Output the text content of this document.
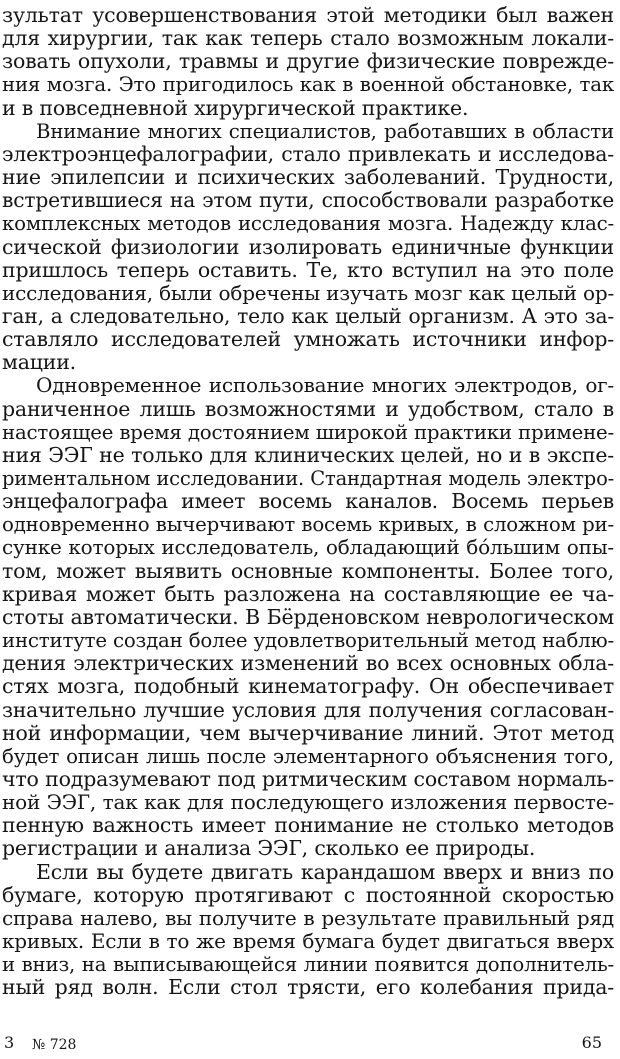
зультат усовершенствования этой методики был важен
для хирургии, так как теперь стало возможным локали-
зовать опухоли, травмы и другие физические поврежде-
ния мозга. Это пригодилось как в военной обстановке, так
и в повседневной хирургической практике.
Внимание многих специалистов, работавших в области
электроэнцефалографии, стало привлекать и исследова-
ние эпилепсии и психических заболеваний. Трудности,
встретившиеся на этом пути, способствовали разработке
комплексных методов исследования мозга. Надежду клас-
сической физиологии изолировать единичные функции
пришлось теперь оставить. Те, кто вступил на это поле
исследования, были обречены изучать мозг как целый ор-
ган, а следовательно, тело как целый организм. А это за-
ставляло исследователей умножать источники инфор-
мации.
Одновременное использование многих электродов, ог-
раниченное лишь возможностями и удобством, стало в
настоящее время достоянием широкой практики примене-
ния ЭЭГ не только для клинических целей, но и в экспе-
риментальном исследовании. Стандартная модель электро-
энцефалографа имеет восемь каналов. Восемь перьев
одновременно вычерчивают восемь кривых, в сложном ри-
сунке которых исследователь, обладающий бо́льшим опы-
том, может выявить основные компоненты. Более того,
кривая может быть разложена на составляющие ее ча-
стоты автоматически. В Бёрденовском неврологическом
институте создан более удовлетворительный метод наблю-
дения электрических изменений во всех основных обла-
стях мозга, подобный кинематографу. Он обеспечивает
значительно лучшие условия для получения согласован-
ной информации, чем вычерчивание линий. Этот метод
будет описан лишь после элементарного объяснения того,
что подразумевают под ритмическим составом нормаль-
ной ЭЭГ, так как для последующего изложения первосте-
пенную важность имеет понимание не столько методов
регистрации и анализа ЭЭГ, сколько ее природы.
Если вы будете двигать карандашом вверх и вниз по
бумаге, которую протягивают с постоянной скоростью
справа налево, вы получите в результате правильный ряд
кривых. Если в то же время бумага будет двигаться вверх
и вниз, на выписывающейся линии появится дополнитель-
ный ряд волн. Если стол трясти, его колебания прида-
3 № 728	65
